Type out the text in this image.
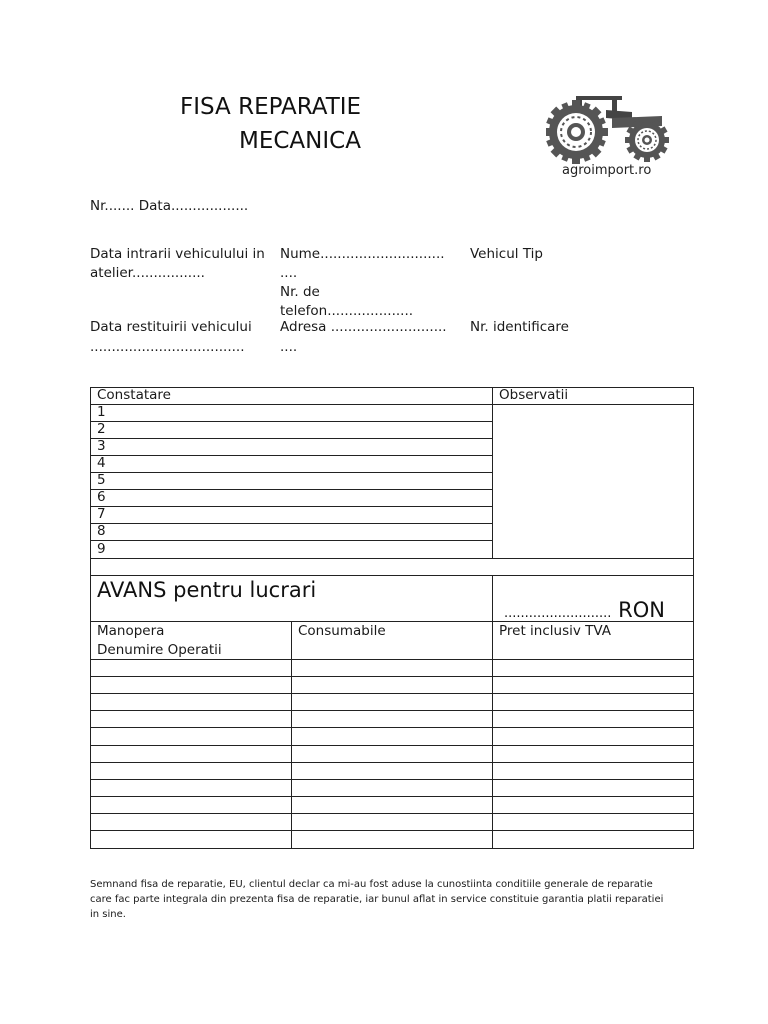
FISA REPARATIE
MECANICA
agroimport.ro
Nr....... Data..................
Data intrarii vehiculului in
atelier.................
Nume.............................
....
Vehicul Tip
Nr. de
telefon....................
Data restituirii vehicului
....................................
Adresa ...........................
....
Nr. identificare
Constatare	Observatii
1
2
3
4
5
6
7
8
9
AVANS pentru lucrari
.......................... RON
Manopera
Denumire Operatii
Consumabile	Pret inclusiv TVA
Semnand fisa de reparatie, EU, clientul declar ca mi-au fost aduse la cunostiinta conditiile generale de reparatie
care fac parte integrala din prezenta fisa de reparatie, iar bunul aflat in service constituie garantia platii reparatiei
in sine.
